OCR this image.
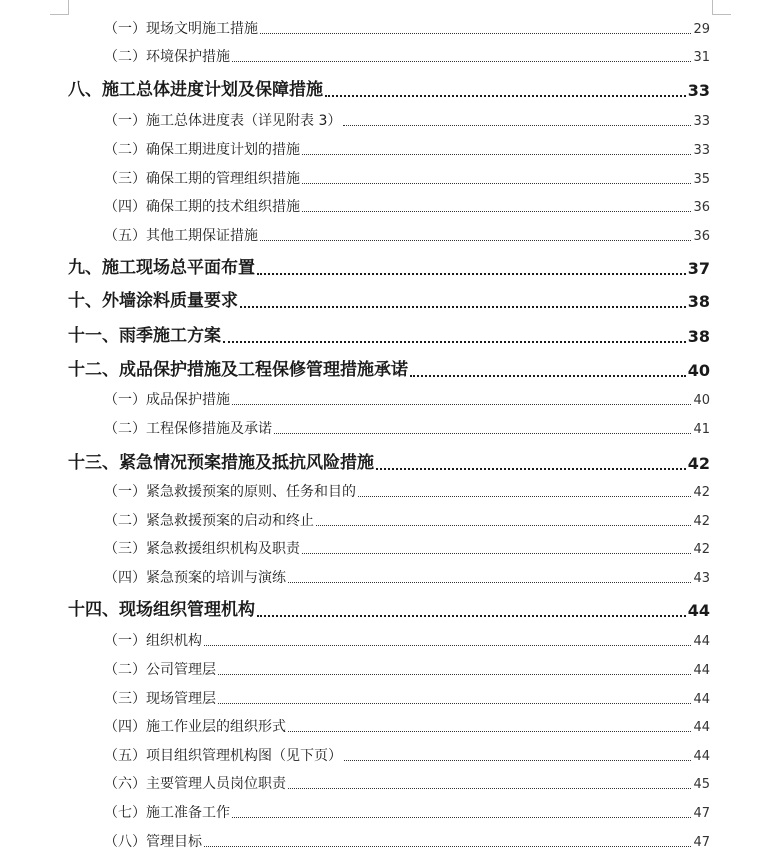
（一）现场文明施工措施	29
（二）环境保护措施	31
八、施工总体进度计划及保障措施	33
（一）施工总体进度表（详见附表 3）	33
（二）确保工期进度计划的措施	33
（三）确保工期的管理组织措施	35
（四）确保工期的技术组织措施	36
（五）其他工期保证措施	36
九、施工现场总平面布置	37
十、外墙涂料质量要求	38
十一、雨季施工方案	38
十二、成品保护措施及工程保修管理措施承诺	40
（一）成品保护措施	40
（二）工程保修措施及承诺	41
十三、紧急情况预案措施及抵抗风险措施	42
（一）紧急救援预案的原则、任务和目的	42
（二）紧急救援预案的启动和终止	42
（三）紧急救援组织机构及职责	42
（四）紧急预案的培训与演练	43
十四、现场组织管理机构	44
（一）组织机构	44
（二）公司管理层	44
（三）现场管理层	44
（四）施工作业层的组织形式	44
（五）项目组织管理机构图（见下页）	44
（六）主要管理人员岗位职责	45
（七）施工准备工作	47
（八）管理目标	47
